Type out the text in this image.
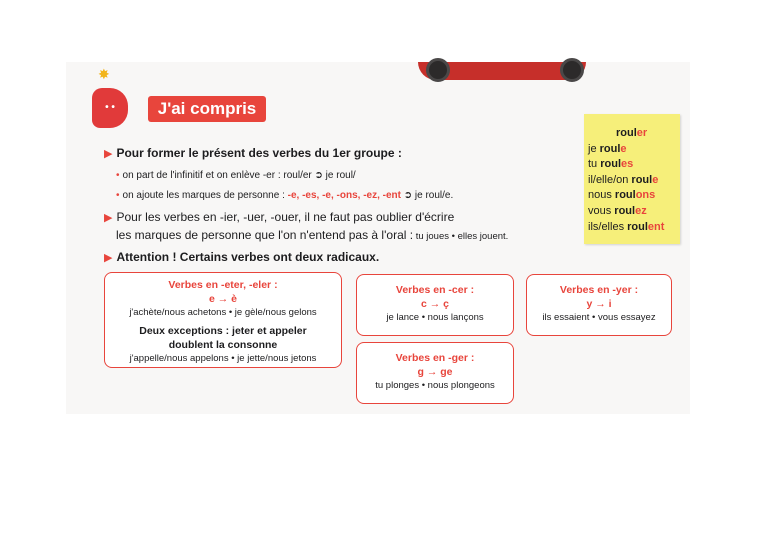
✸
• •	J'ai compris
▶ Pour former le présent des verbes du 1er groupe :
• on part de l'infinitif et on enlève -er : roul/er ➲ je roul/
• on ajoute les marques de personne : -e, -es, -e, -ons, -ez, -ent ➲ je roul/e.
▶ Pour les verbes en -ier, -uer, -ouer, il ne faut pas oublier d'écrire
les marques de personne que l'on n'entend pas à l'oral : tu joues • elles jouent.
▶ Attention ! Certains verbes ont deux radicaux.
rouler
je roule
tu roules
il/elle/on roule
nous roulons
vous roulez
ils/elles roulent
Verbes en -eter, -eler :
e → è
j'achète/nous achetons • je gèle/nous gelons
Deux exceptions : jeter et appeler
doublent la consonne
j'appelle/nous appelons • je jette/nous jetons
Verbes en -cer :
c → ç
je lance • nous lançons
Verbes en -yer :
y → i
ils essaient • vous essayez
Verbes en -ger :
g → ge
tu plonges • nous plongeons
